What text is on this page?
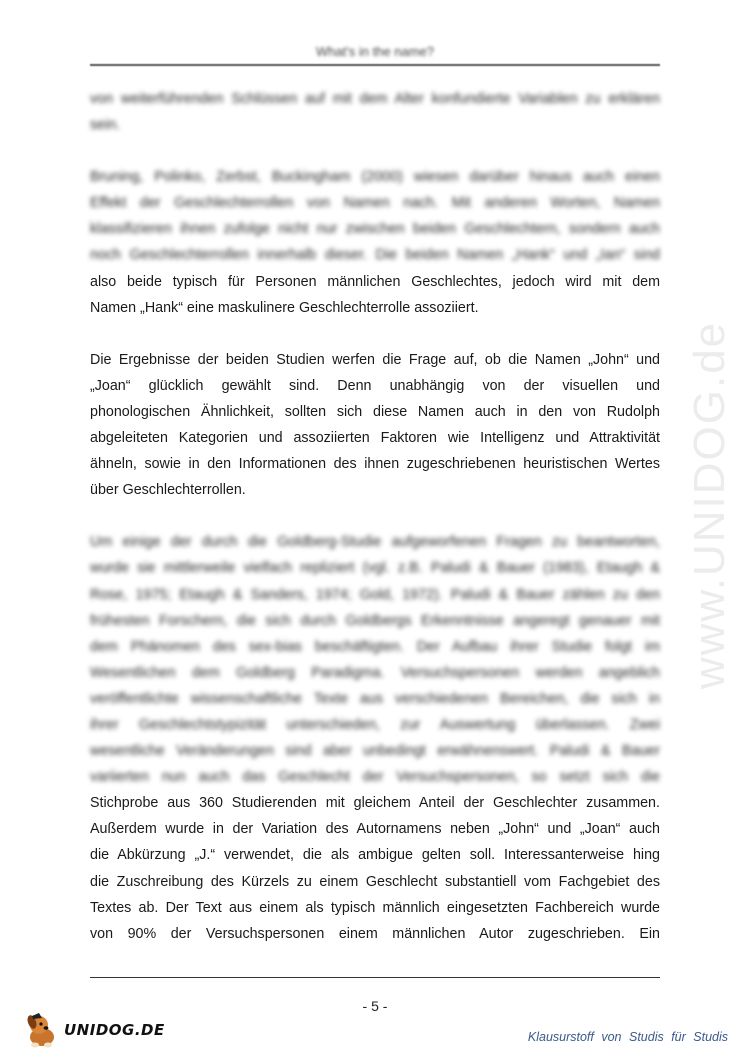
What's in the name?

von weiterführenden Schlüssen auf mit dem Alter konfundierte Variablen zu erklären
sein.

Bruning, Polinko, Zerbst, Buckingham (2000) wiesen darüber hinaus auch einen
Effekt der Geschlechterrollen von Namen nach. Mit anderen Worten, Namen
klassifizieren ihnen zufolge nicht nur zwischen beiden Geschlechtern, sondern auch
noch Geschlechterrollen innerhalb dieser. Die beiden Namen „Hank“ und „Ian“ sind
also beide typisch für Personen männlichen Geschlechtes, jedoch wird mit dem
Namen „Hank“ eine maskulinere Geschlechterrolle assoziiert.

Die Ergebnisse der beiden Studien werfen die Frage auf, ob die Namen „John“ und
„Joan“ glücklich gewählt sind. Denn unabhängig von der visuellen und
phonologischen Ähnlichkeit, sollten sich diese Namen auch in den von Rudolph
abgeleiteten Kategorien und assoziierten Faktoren wie Intelligenz und Attraktivität
ähneln, sowie in den Informationen des ihnen zugeschriebenen heuristischen Wertes
über Geschlechterrollen.

Um einige der durch die Goldberg-Studie aufgeworfenen Fragen zu beantworten,
wurde sie mittlerweile vielfach repliziert (vgl. z.B. Paludi & Bauer (1983), Etaugh &
Rose, 1975; Etaugh & Sanders, 1974; Gold, 1972). Paludi & Bauer zählen zu den
frühesten Forschern, die sich durch Goldbergs Erkenntnisse angeregt genauer mit
dem Phänomen des sex-bias beschäftigten. Der Aufbau ihrer Studie folgt im
Wesentlichen dem Goldberg Paradigma. Versuchspersonen werden angeblich
veröffentlichte wissenschaftliche Texte aus verschiedenen Bereichen, die sich in
ihrer Geschlechtstypizität unterschieden, zur Auswertung überlassen. Zwei
wesentliche Veränderungen sind aber unbedingt erwähnenswert. Paludi & Bauer
variierten nun auch das Geschlecht der Versuchspersonen, so setzt sich die
Stichprobe aus 360 Studierenden mit gleichem Anteil der Geschlechter zusammen.
Außerdem wurde in der Variation des Autornamens neben „John“ und „Joan“ auch
die Abkürzung „J.“ verwendet, die als ambigue gelten soll. Interessanterweise hing
die Zuschreibung des Kürzels zu einem Geschlecht substantiell vom Fachgebiet des
Textes ab. Der Text aus einem als typisch männlich eingesetzten Fachbereich wurde
von 90% der Versuchspersonen einem männlichen Autor zugeschrieben. Ein

www.UNIDOG.de
- 5 -
UNIDOG.DE	Klausurstoff von Studis für Studis
